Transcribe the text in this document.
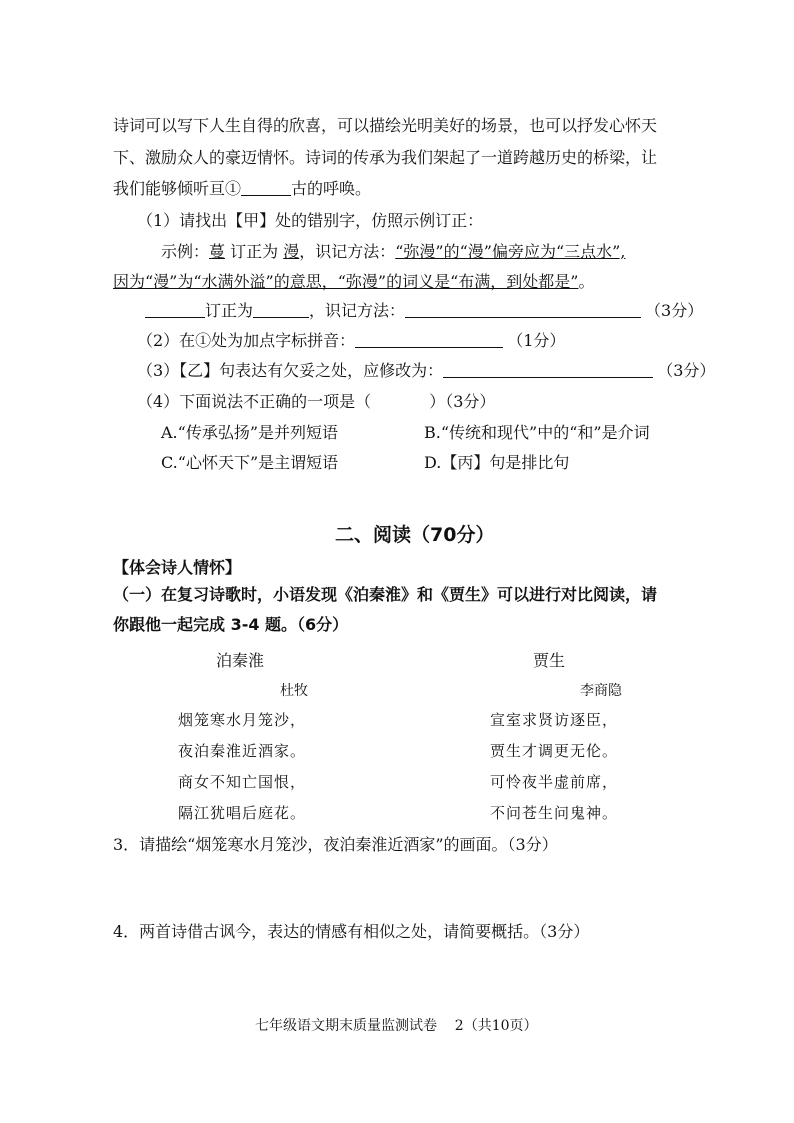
诗词可以写下人生自得的欣喜，可以描绘光明美好的场景，也可以抒发心怀天
下、激励众人的豪迈情怀。诗词的传承为我们架起了一道跨越历史的桥梁，让
我们能够倾听亘①	古的呼唤。
（1）请找出【甲】处的错别字，仿照示例订正：
示例：蔓 订正为 漫，识记方法：“弥漫”的“漫”偏旁应为“三点水”,
因为“漫”为“水满外溢”的意思，“弥漫”的词义是“布满，到处都是”。
订正为	，识记方法：	（3分）
（2）在①处为加点字标拼音：	（1分）
（3）【乙】句表达有欠妥之处，应修改为：	（3分）
（4）下面说法不正确的一项是（	）（3分）
A.“传承弘扬”是并列短语	B.“传统和现代”中的“和”是介词
C.“心怀天下”是主谓短语	D.【丙】句是排比句
二、阅读（70分）
【体会诗人情怀】
（一）在复习诗歌时，小语发现《泊秦淮》和《贾生》可以进行对比阅读，请
你跟他一起完成 3-4 题。（6分）
泊秦淮
杜牧
烟笼寒水月笼沙，
夜泊秦淮近酒家。
商女不知亡国恨，
隔江犹唱后庭花。
贾生
李商隐
宣室求贤访逐臣，
贾生才调更无伦。
可怜夜半虚前席，
不问苍生问鬼神。
3．请描绘“烟笼寒水月笼沙，夜泊秦淮近酒家”的画面。（3分）
4．两首诗借古讽今，表达的情感有相似之处，请简要概括。（3分）
七年级语文期末质量监测试卷    2（共10页）
